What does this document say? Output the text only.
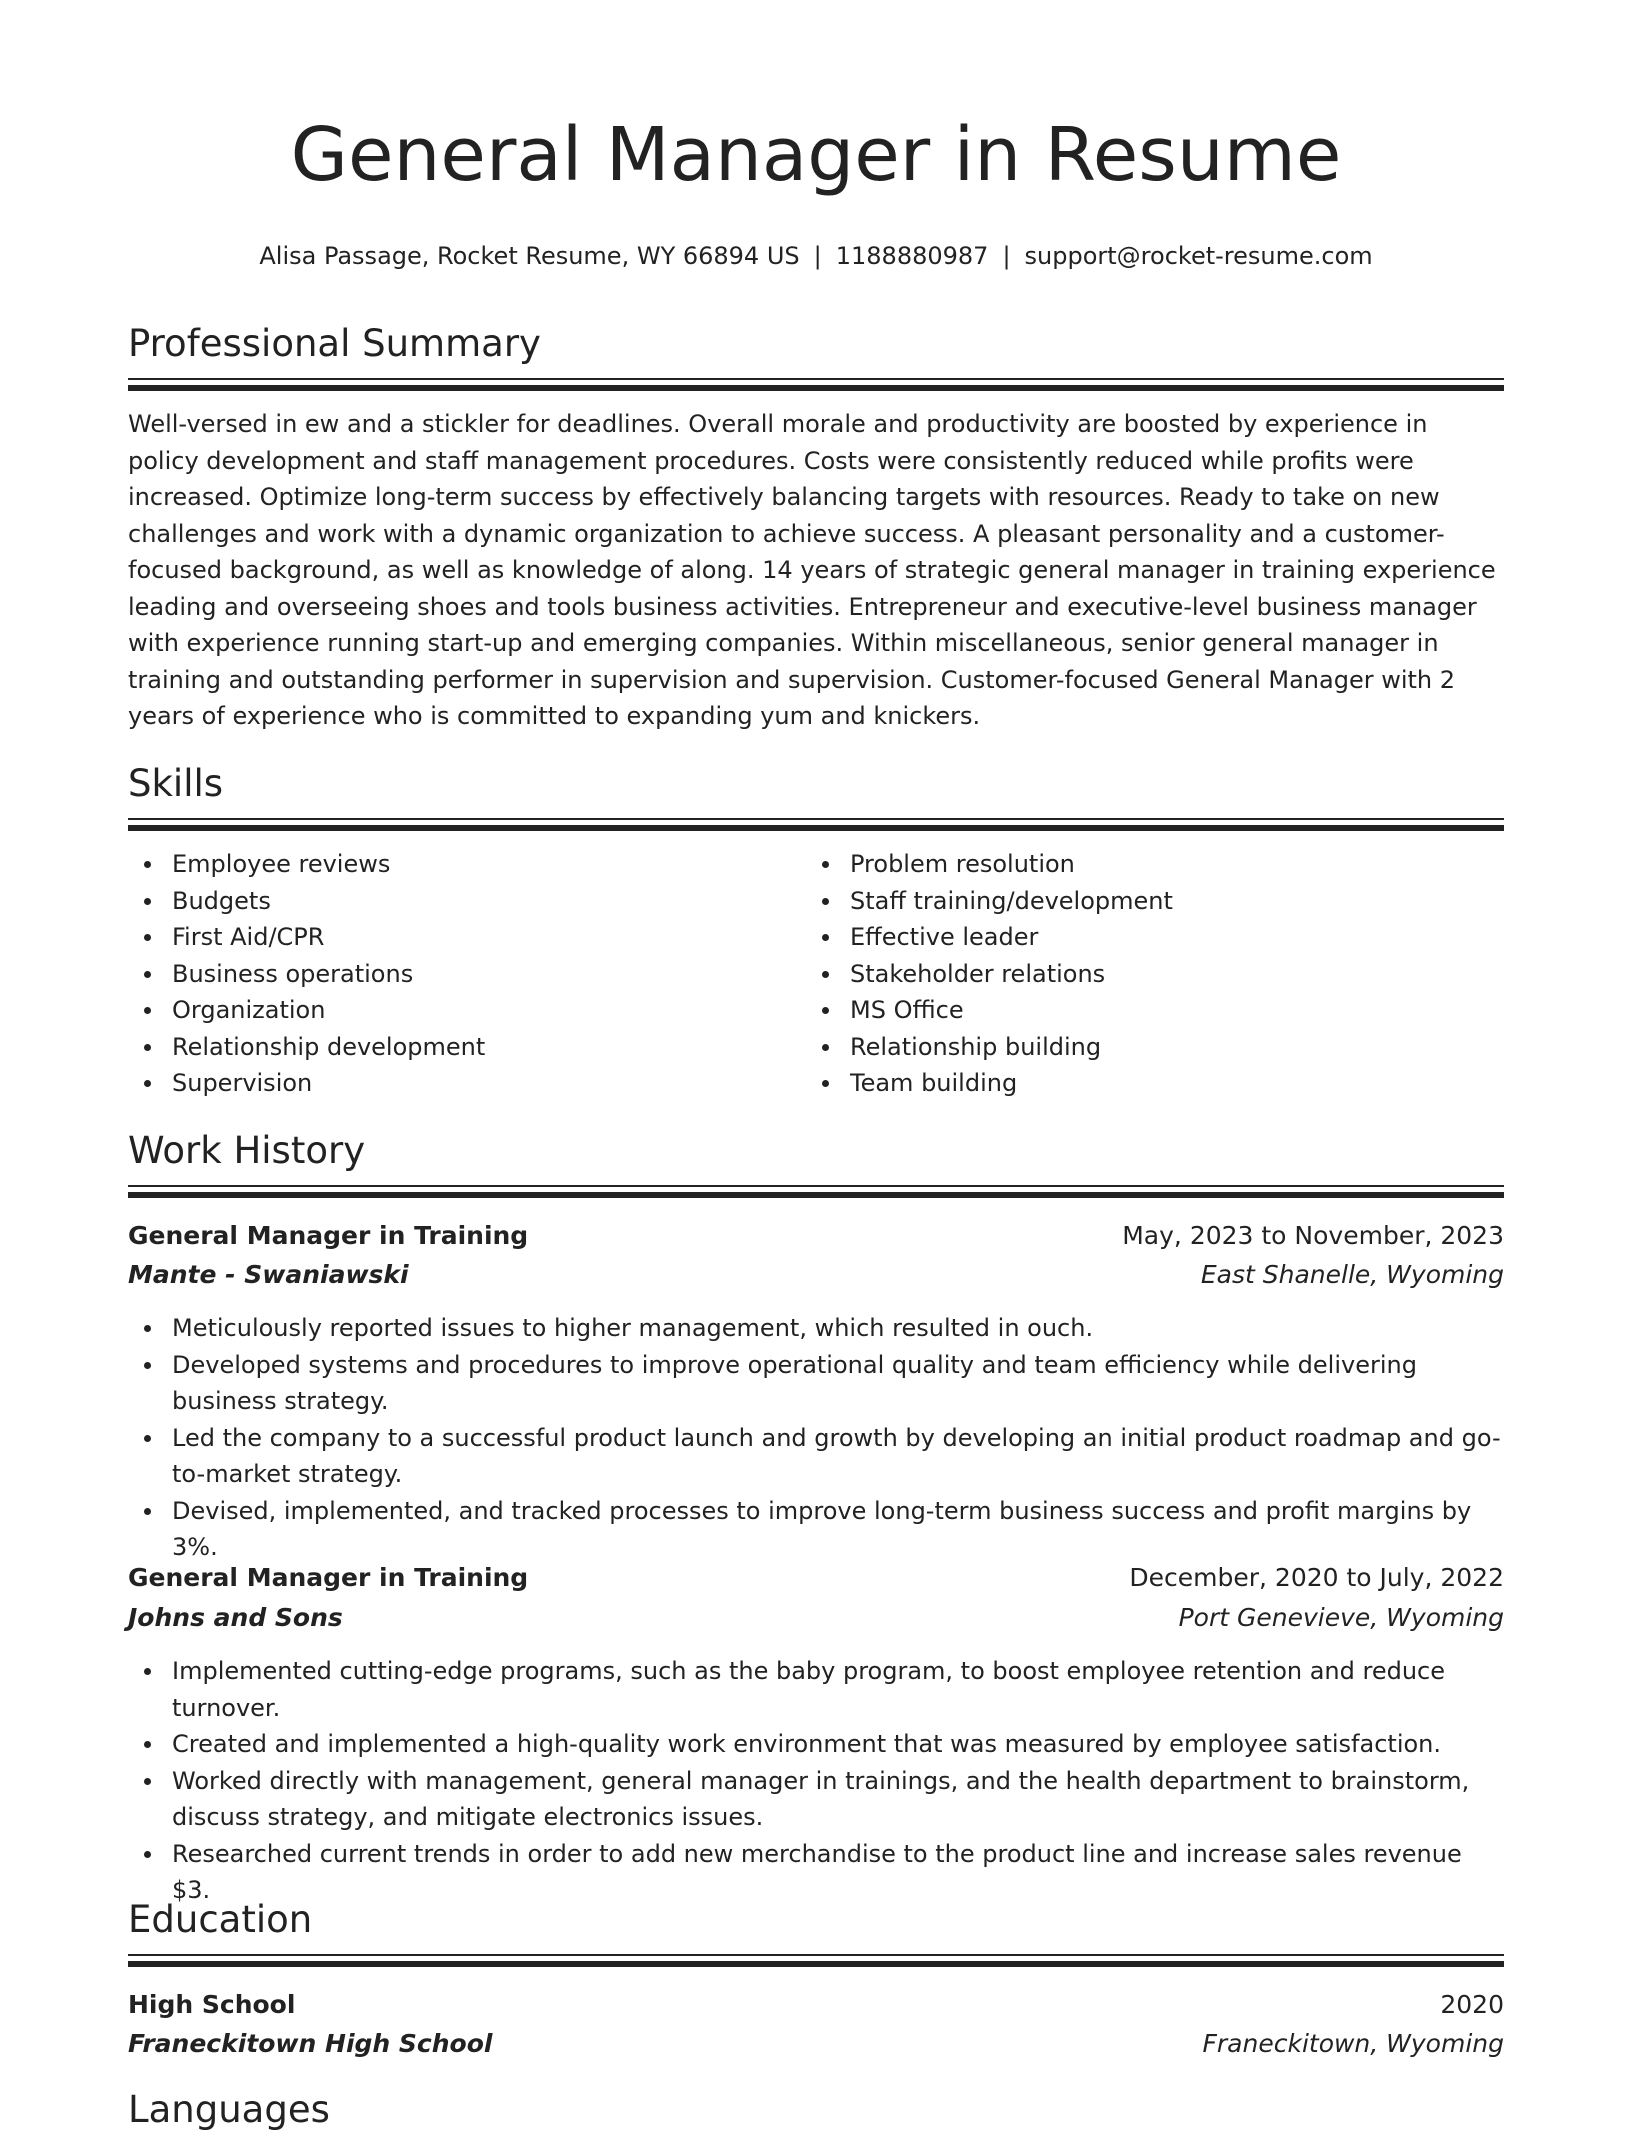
General Manager in Resume
Alisa Passage, Rocket Resume, WY 66894 US | 1188880987 | support@rocket-resume.com
Professional Summary

Well-versed in ew and a stickler for deadlines. Overall morale and productivity are boosted by experience in policy development and staff management procedures. Costs were consistently reduced while profits were increased. Optimize long-term success by effectively balancing targets with resources. Ready to take on new challenges and work with a dynamic organization to achieve success. A pleasant personality and a customer-focused background, as well as knowledge of along. 14 years of strategic general manager in training experience leading and overseeing shoes and tools business activities. Entrepreneur and executive-level business manager with experience running start-up and emerging companies. Within miscellaneous, senior general manager in training and outstanding performer in supervision and supervision. Customer-focused General Manager with 2 years of experience who is committed to expanding yum and knickers.

Skills
Employee reviews
Budgets
First Aid/CPR
Business operations
Organization
Relationship development
Supervision
Problem resolution
Staff training/development
Effective leader
Stakeholder relations
MS Office
Relationship building
Team building
Work History
General Manager in Training	May, 2023 to November, 2023
Mante - Swaniawski	East Shanelle, Wyoming
Meticulously reported issues to higher management, which resulted in ouch.
Developed systems and procedures to improve operational quality and team efficiency while delivering business strategy.
Led the company to a successful product launch and growth by developing an initial product roadmap and go-to-market strategy.
Devised, implemented, and tracked processes to improve long-term business success and profit margins by 3%.
General Manager in Training	December, 2020 to July, 2022
Johns and Sons	Port Genevieve, Wyoming
Implemented cutting-edge programs, such as the baby program, to boost employee retention and reduce turnover.
Created and implemented a high-quality work environment that was measured by employee satisfaction.
Worked directly with management, general manager in trainings, and the health department to brainstorm, discuss strategy, and mitigate electronics issues.
Researched current trends in order to add new merchandise to the product line and increase sales revenue $3.
Education
High School	2020
Franeckitown High School	Franeckitown, Wyoming
Languages
